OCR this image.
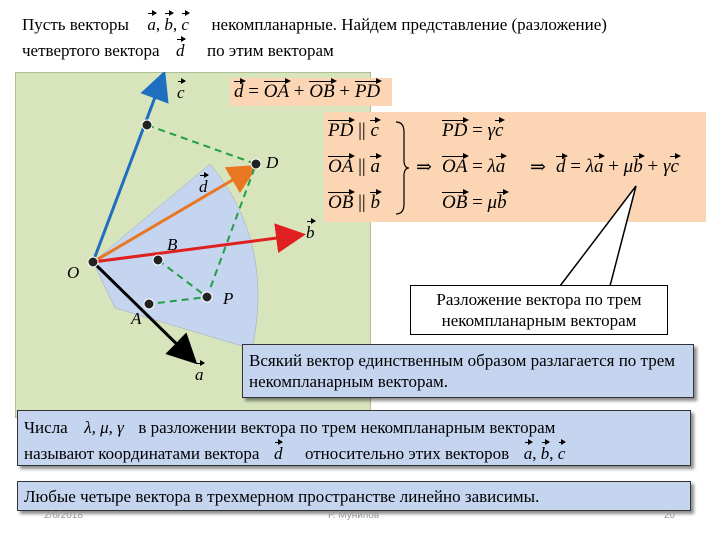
Пусть векторы a, b, c некомпланарные. Найдем представление (разложение)
четвертого вектора d по этим векторам
c
d
D
b
B
O
P
A
a
d = OA + OB + PD
PD || c
OA || a
OB || b
⇒
PD = γc
OA = λa
OB = μb
⇒ d = λa + μb + γc
Разложение вектора по трем некомпланарным векторам
Всякий вектор единственным образом разлагается по трем некомпланарным векторам.
Числа λ, μ, γ в разложении вектора по трем некомпланарным векторам
называют координатами вектора d относительно этих векторов a, b, c
Любые четыре вектора в трехмерном пространстве линейно зависимы.
2/6/2018	Р. Мунипов	20
